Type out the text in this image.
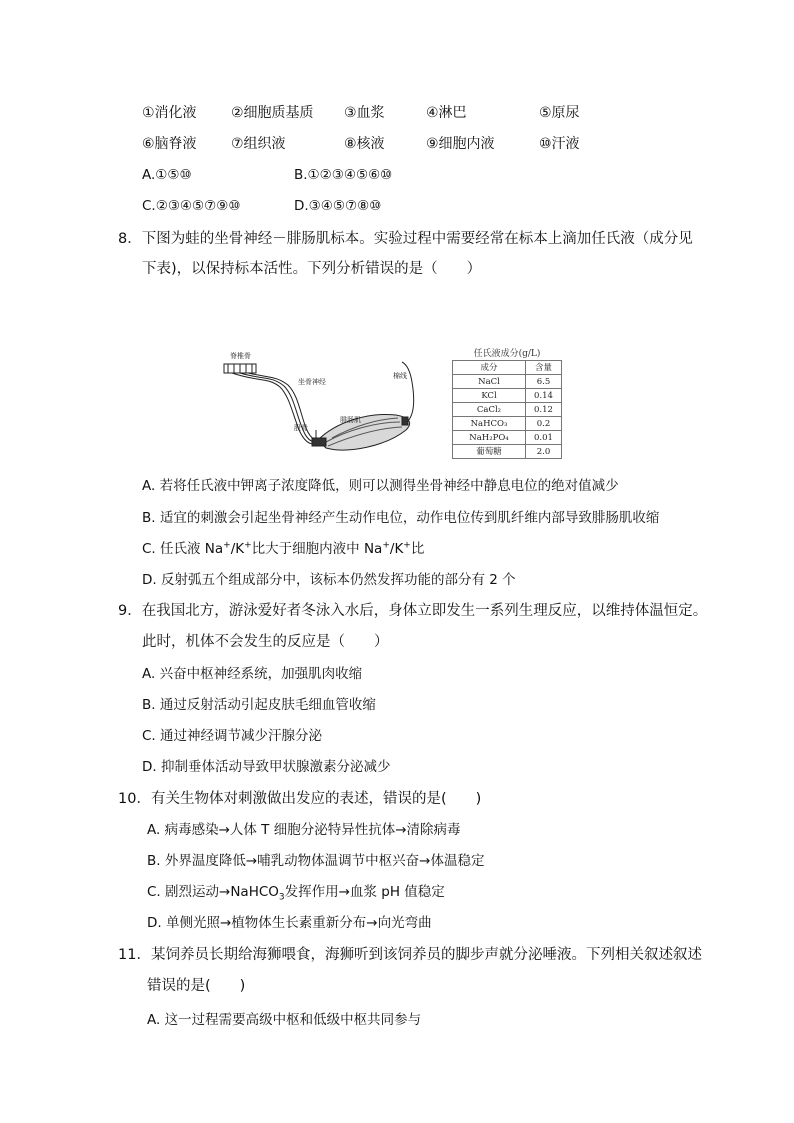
①消化液 ②细胞质基质 ③血浆	④淋巴	⑤原尿
⑥脑脊液 ⑦组织液	⑧核液	⑨细胞内液	⑩汗液
A.①⑤⑩	B.①②③④⑤⑥⑩
C.②③④⑤⑦⑨⑩	D.③④⑤⑦⑧⑩
8．下图为蛙的坐骨神经－腓肠肌标本。实验过程中需要经常在标本上滴加任氏液（成分见
下表)，以保持标本活性。下列分析错误的是（　　）
脊椎骨
坐骨神经
棉线
腓肠肌
股骨
任氏液成分(g/L)
成分	含量
NaCl	6.5
KCl	0.14
CaCl₂	0.12
NaHCO₃	0.2
NaH₂PO₄	0.01
葡萄糖	2.0
A. 若将任氏液中钾离子浓度降低，则可以测得坐骨神经中静息电位的绝对值减少
B. 适宜的刺激会引起坐骨神经产生动作电位，动作电位传到肌纤维内部导致腓肠肌收缩
C. 任氏液 Na+/K+比大于细胞内液中 Na+/K+比
D. 反射弧五个组成部分中，该标本仍然发挥功能的部分有 2 个
9．在我国北方，游泳爱好者冬泳入水后，身体立即发生一系列生理反应，以维持体温恒定。
此时，机体不会发生的反应是（　　）
A. 兴奋中枢神经系统，加强肌肉收缩
B. 通过反射活动引起皮肤毛细血管收缩
C. 通过神经调节减少汗腺分泌
D. 抑制垂体活动导致甲状腺激素分泌减少
10．有关生物体对刺激做出发应的表述，错误的是(　　)
A. 病毒感染→人体 T 细胞分泌特异性抗体→清除病毒
B. 外界温度降低→哺乳动物体温调节中枢兴奋→体温稳定
C. 剧烈运动→NaHCO$_3$发挥作用→血浆 pH 值稳定
D. 单侧光照→植物体生长素重新分布→向光弯曲
11．某饲养员长期给海狮喂食，海狮听到该饲养员的脚步声就分泌唾液。下列相关叙述叙述
错误的是(　　)
A. 这一过程需要高级中枢和低级中枢共同参与
